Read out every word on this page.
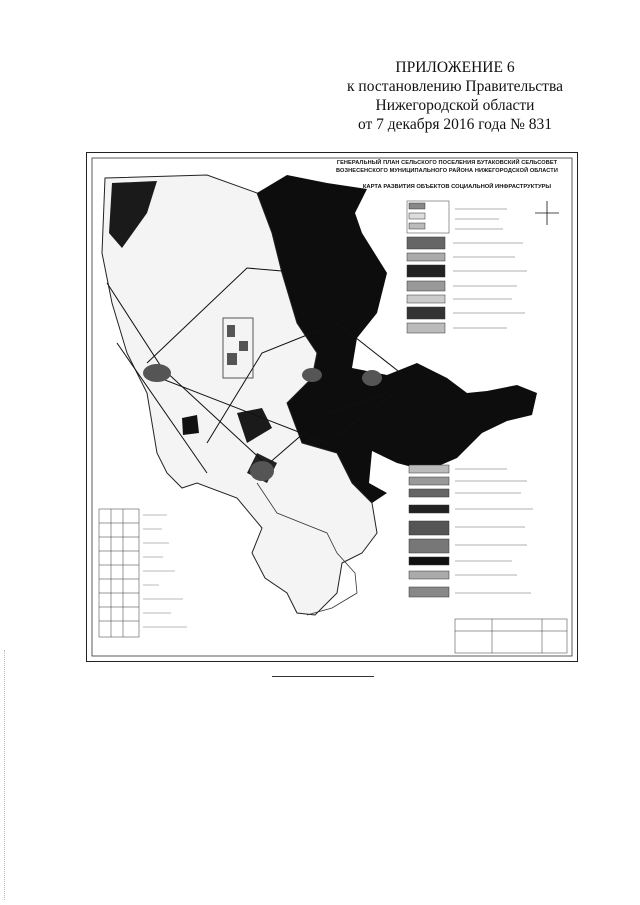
ПРИЛОЖЕНИЕ 6
к постановлению Правительства
Нижегородской области
от 7 декабря 2016 года № 831
ГЕНЕРАЛЬНЫЙ ПЛАН СЕЛЬСКОГО ПОСЕЛЕНИЯ БУТАКОВСКИЙ СЕЛЬСОВЕТ
ВОЗНЕСЕНСКОГО МУНИЦИПАЛЬНОГО РАЙОНА НИЖЕГОРОДСКОЙ ОБЛАСТИ
КАРТА РАЗВИТИЯ ОБЪЕКТОВ СОЦИАЛЬНОЙ ИНФРАСТРУКТУРЫ
